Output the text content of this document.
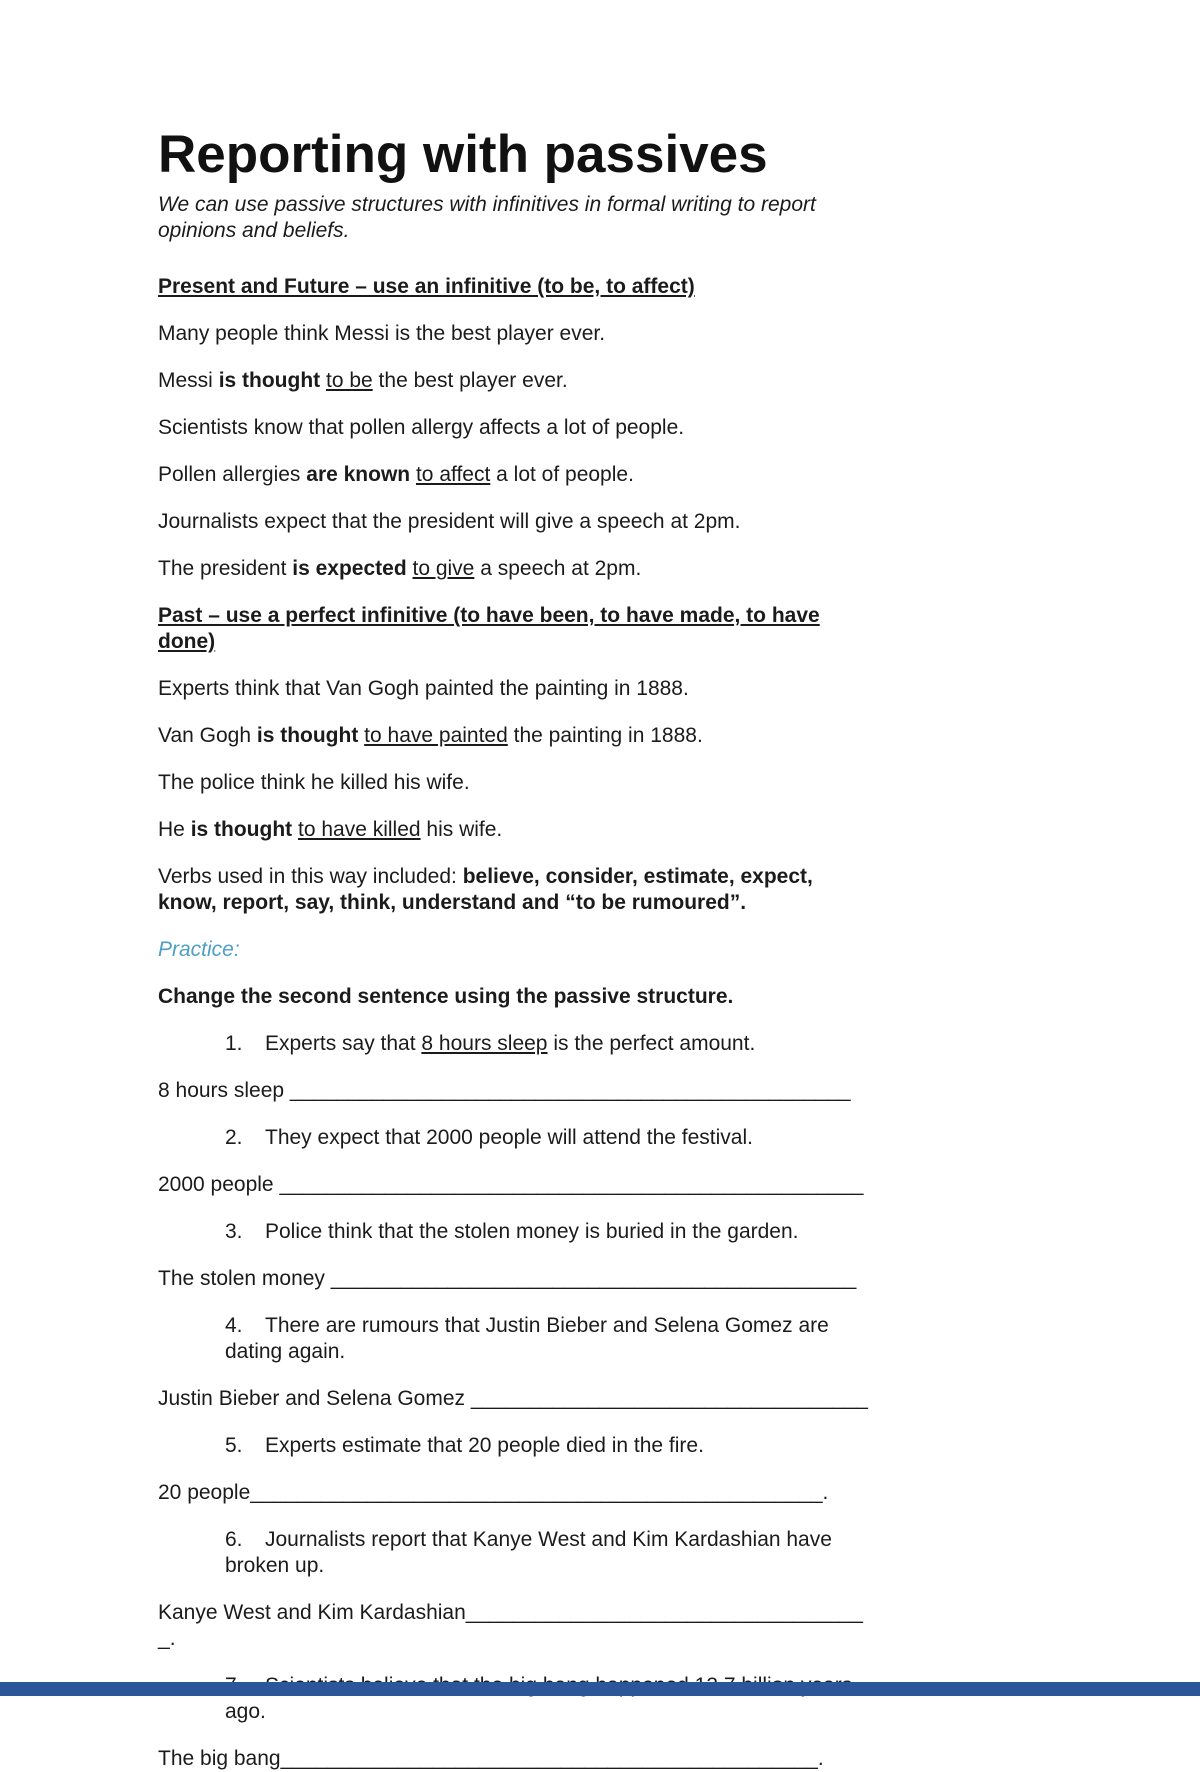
Reporting with passives

We can use passive structures with infinitives in formal writing to report opinions and beliefs.

Present and Future – use an infinitive (to be, to affect)

Many people think Messi is the best player ever.

Messi is thought to be the best player ever.

Scientists know that pollen allergy affects a lot of people.

Pollen allergies are known to affect a lot of people.

Journalists expect that the president will give a speech at 2pm.

The president is expected to give a speech at 2pm.

Past – use a perfect infinitive (to have been, to have made, to have done)

Experts think that Van Gogh painted the painting in 1888.

Van Gogh is thought to have painted the painting in 1888.

The police think he killed his wife.

He is thought to have killed his wife.

Verbs used in this way included: believe, consider, estimate, expect, know, report, say, think, understand and “to be rumoured”.

Practice:

Change the second sentence using the passive structure.

1. Experts say that 8 hours sleep is the perfect amount.

8 hours sleep ________________________________________________

2. They expect that 2000 people will attend the festival.

2000 people __________________________________________________

3. Police think that the stolen money is buried in the garden.

The stolen money _____________________________________________

4. There are rumours that Justin Bieber and Selena Gomez are dating again.

Justin Bieber and Selena Gomez __________________________________

5. Experts estimate that 20 people died in the fire.

20 people_________________________________________________.

6. Journalists report that Kanye West and Kim Kardashian have broken up.

Kanye West and Kim Kardashian___________________________________.

ago.

The big bang______________________________________________.
